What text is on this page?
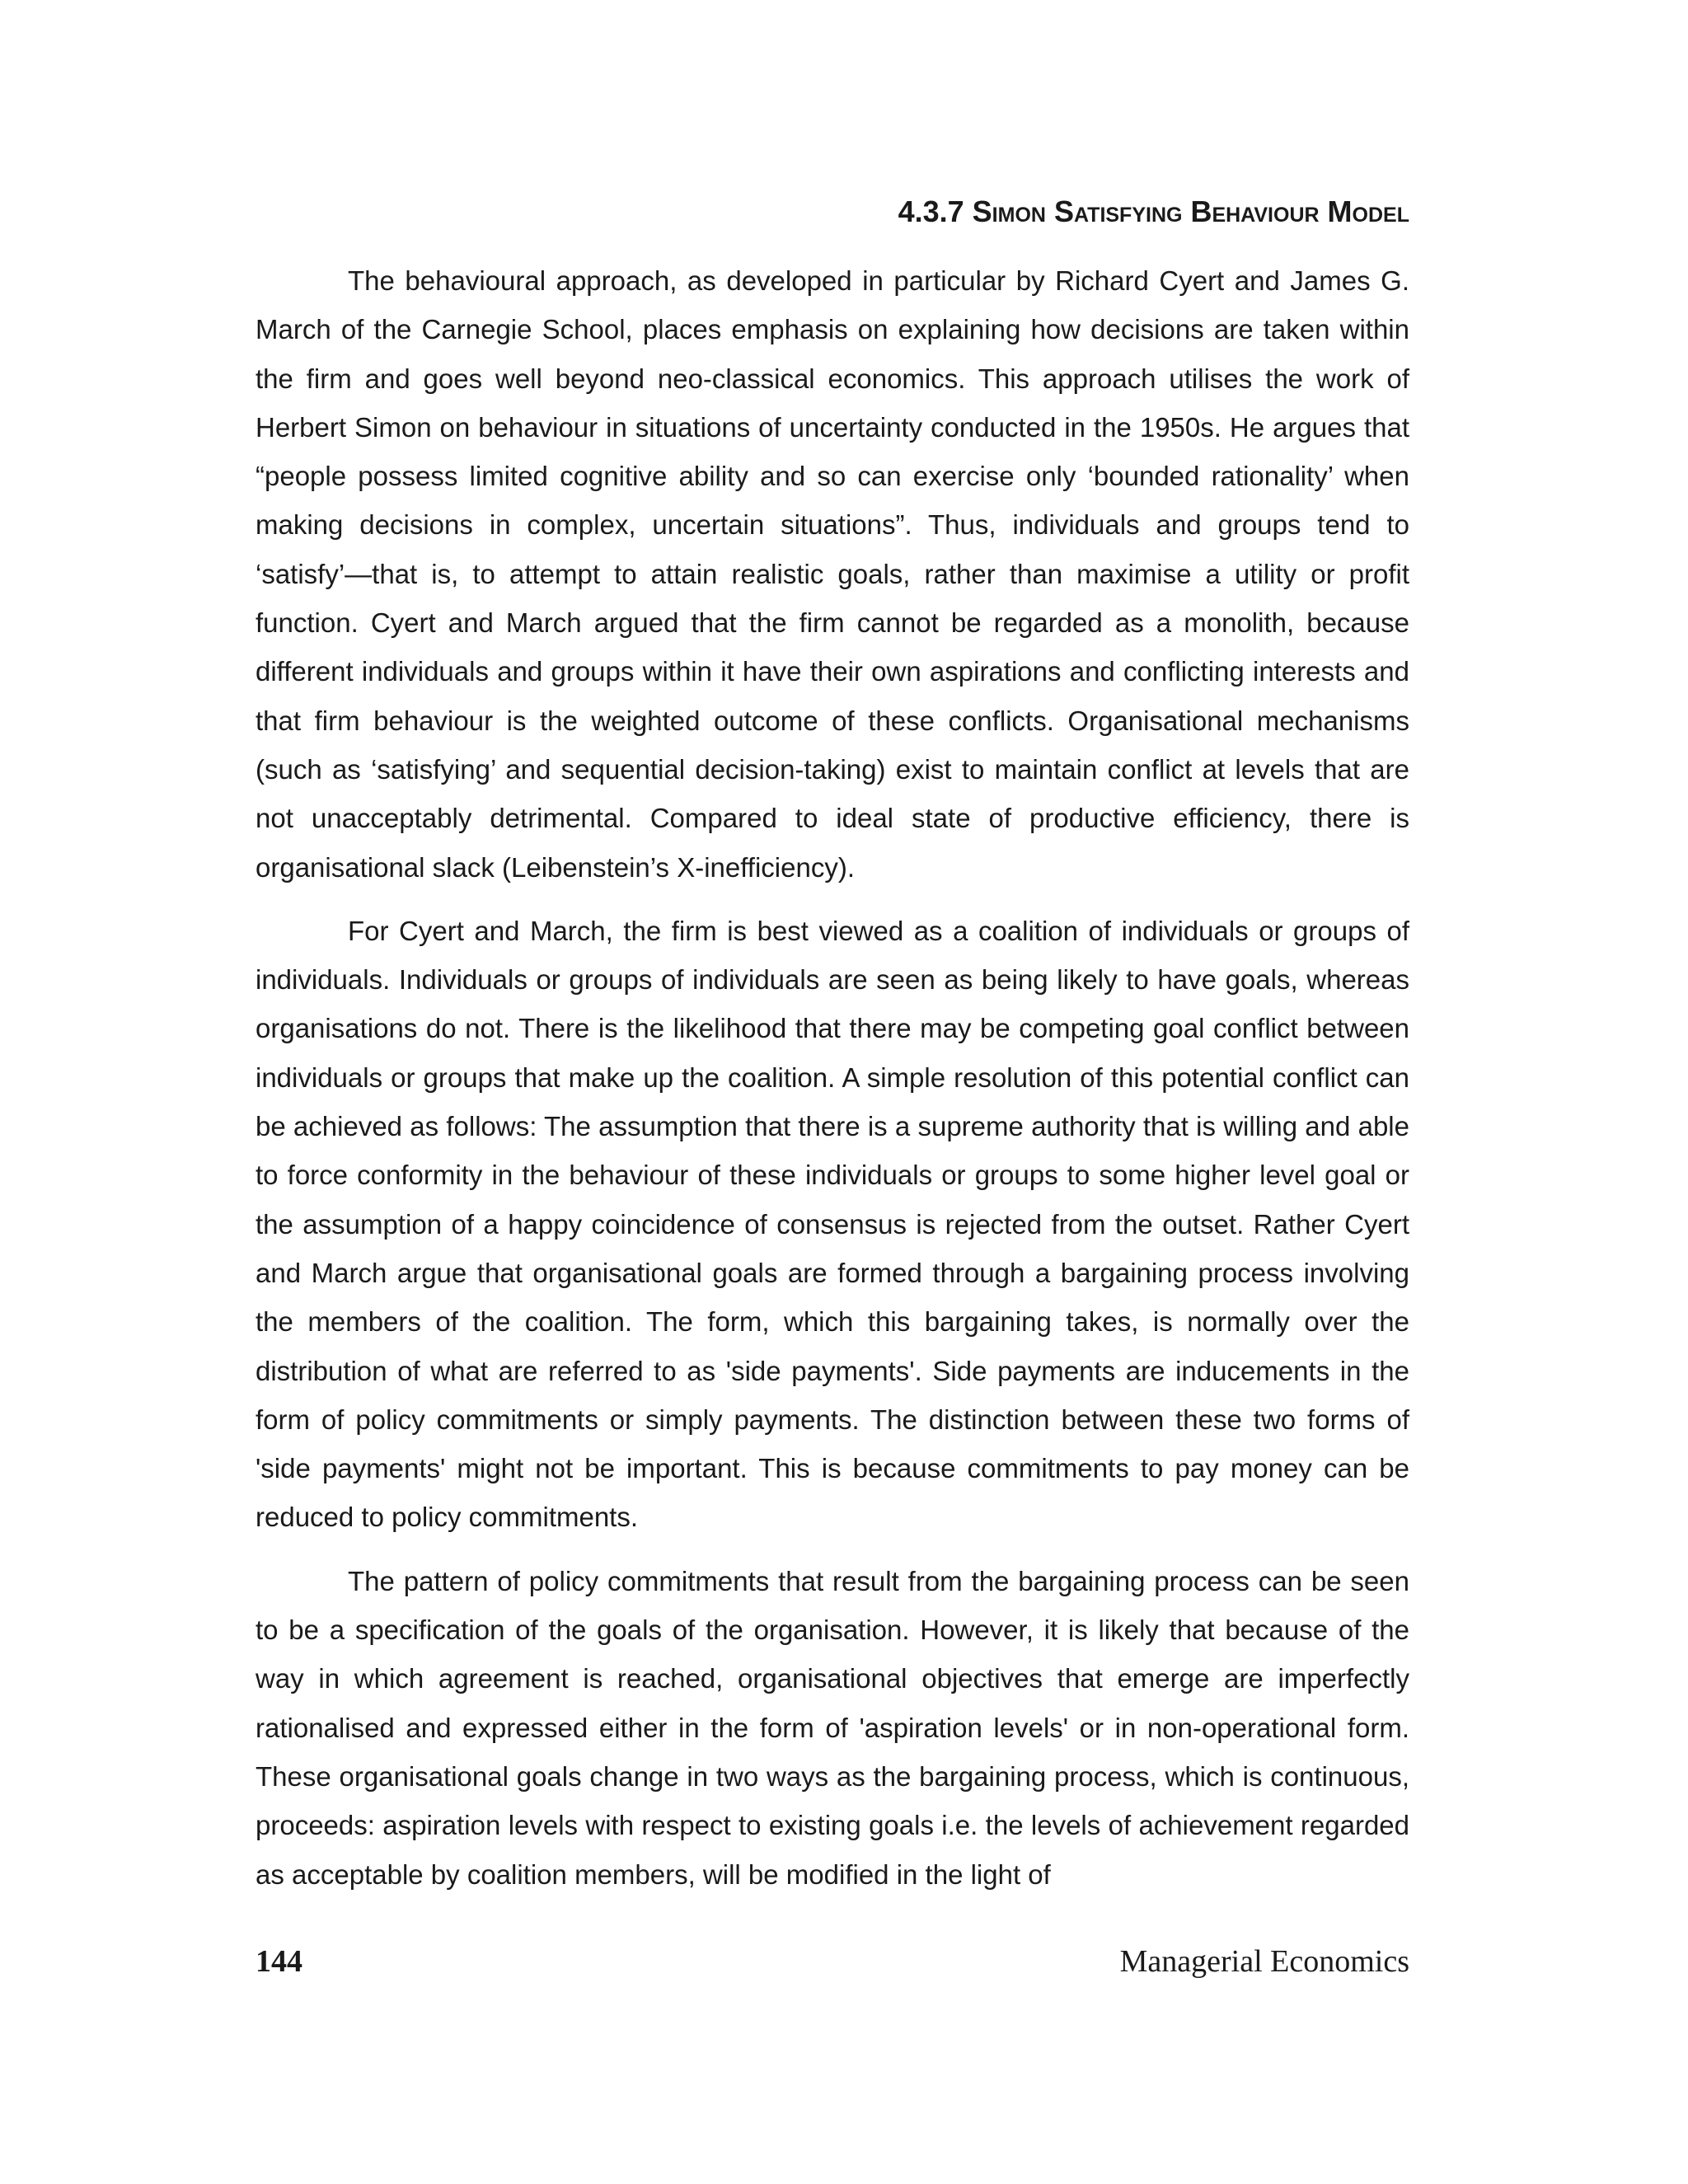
4.3.7 Simon Satisfying Behaviour Model

The behavioural approach, as developed in particular by Richard Cyert and James G. March of the Carnegie School, places emphasis on explaining how decisions are taken within the firm and goes well beyond neo-classical economics. This approach utilises the work of Herbert Simon on behaviour in situations of uncertainty conducted in the 1950s. He argues that “people possess limited cognitive ability and so can exercise only ‘bounded rationality’ when making decisions in complex, uncertain situations”. Thus, individuals and groups tend to ‘satisfy’—that is, to attempt to attain realistic goals, rather than maximise a utility or profit function. Cyert and March argued that the firm cannot be regarded as a monolith, because different individuals and groups within it have their own aspirations and conflicting interests and that firm behaviour is the weighted outcome of these conflicts. Organisational mechanisms (such as ‘satisfying’ and sequential decision-taking) exist to maintain conflict at levels that are not unacceptably detrimental. Compared to ideal state of productive efficiency, there is organisational slack (Leibenstein’s X-inefficiency).

For Cyert and March, the firm is best viewed as a coalition of individuals or groups of individuals. Individuals or groups of individuals are seen as being likely to have goals, whereas organisations do not. There is the likelihood that there may be competing goal conflict between individuals or groups that make up the coalition. A simple resolution of this potential conflict can be achieved as follows: The assumption that there is a supreme authority that is willing and able to force conformity in the behaviour of these individuals or groups to some higher level goal or the assumption of a happy coincidence of consensus is rejected from the outset. Rather Cyert and March argue that organisational goals are formed through a bargaining process involving the members of the coalition. The form, which this bargaining takes, is normally over the distribution of what are referred to as 'side payments'. Side payments are inducements in the form of policy commitments or simply payments. The distinction between these two forms of 'side payments' might not be important. This is because commitments to pay money can be reduced to policy commitments.

The pattern of policy commitments that result from the bargaining process can be seen to be a specification of the goals of the organisation. However, it is likely that because of the way in which agreement is reached, organisational objectives that emerge are imperfectly rationalised and expressed either in the form of 'aspiration levels' or in non-operational form. These organisational goals change in two ways as the bargaining process, which is continuous, proceeds: aspiration levels with respect to existing goals i.e. the levels of achievement regarded as acceptable by coalition members, will be modified in the light of

144	Managerial Economics
